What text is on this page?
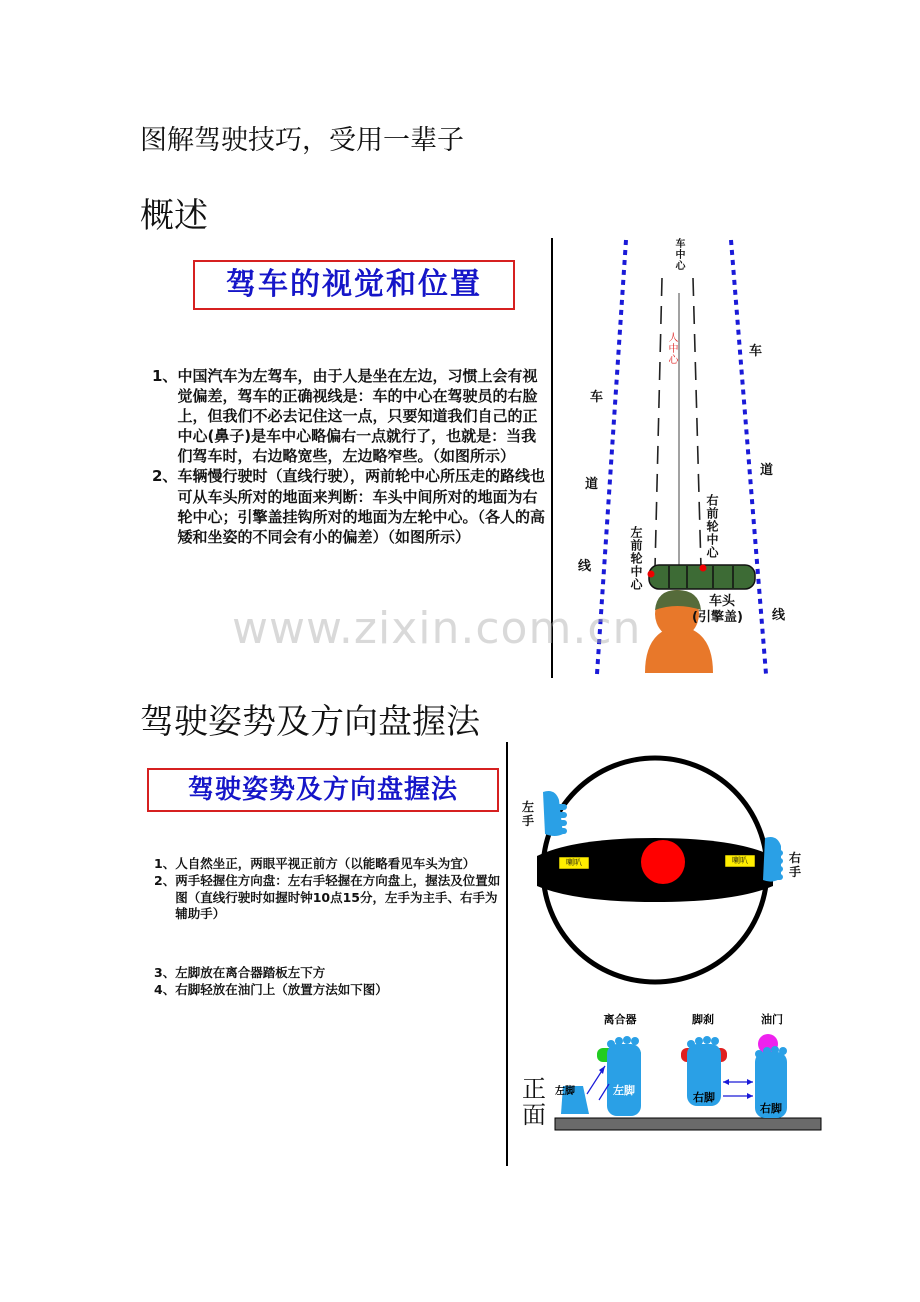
图解驾驶技巧，受用一辈子
概述
驾车的视觉和位置
1、 中国汽车为左驾车，由于人是坐在左边，习惯上会有视觉偏差，驾车的正确视线是：车的中心在驾驶员的右脸上，但我们不必去记住这一点，只要知道我们自己的正中心(鼻子)是车中心略偏右一点就行了，也就是：当我们驾车时，右边略宽些，左边略窄些。（如图所示）
2、 车辆慢行驶时（直线行驶），两前轮中心所压走的路线也可从车头所对的地面来判断：车头中间所对的地面为右轮中心；引擎盖挂钩所对的地面为左轮中心。（各人的高矮和坐姿的不同会有小的偏差）（如图所示）
车中心
人中心
车
道
线
车
道
线
右前轮中心
左前轮中心
车头
(引擎盖)
www.zixin.com.cn
驾驶姿势及方向盘握法
驾驶姿势及方向盘握法
1、 人自然坐正，两眼平视正前方（以能略看见车头为宜）
2、 两手轻握住方向盘：左右手轻握在方向盘上，握法及位置如图（直线行驶时如握时钟10点15分，左手为主手、右手为辅助手）
3、 左脚放在离合器踏板左下方
4、 右脚轻放在油门上（放置方法如下图）
左手
右手
喇叭	喇叭
离合器	脚刹	油门
正面
左脚	左脚
右脚
右脚
